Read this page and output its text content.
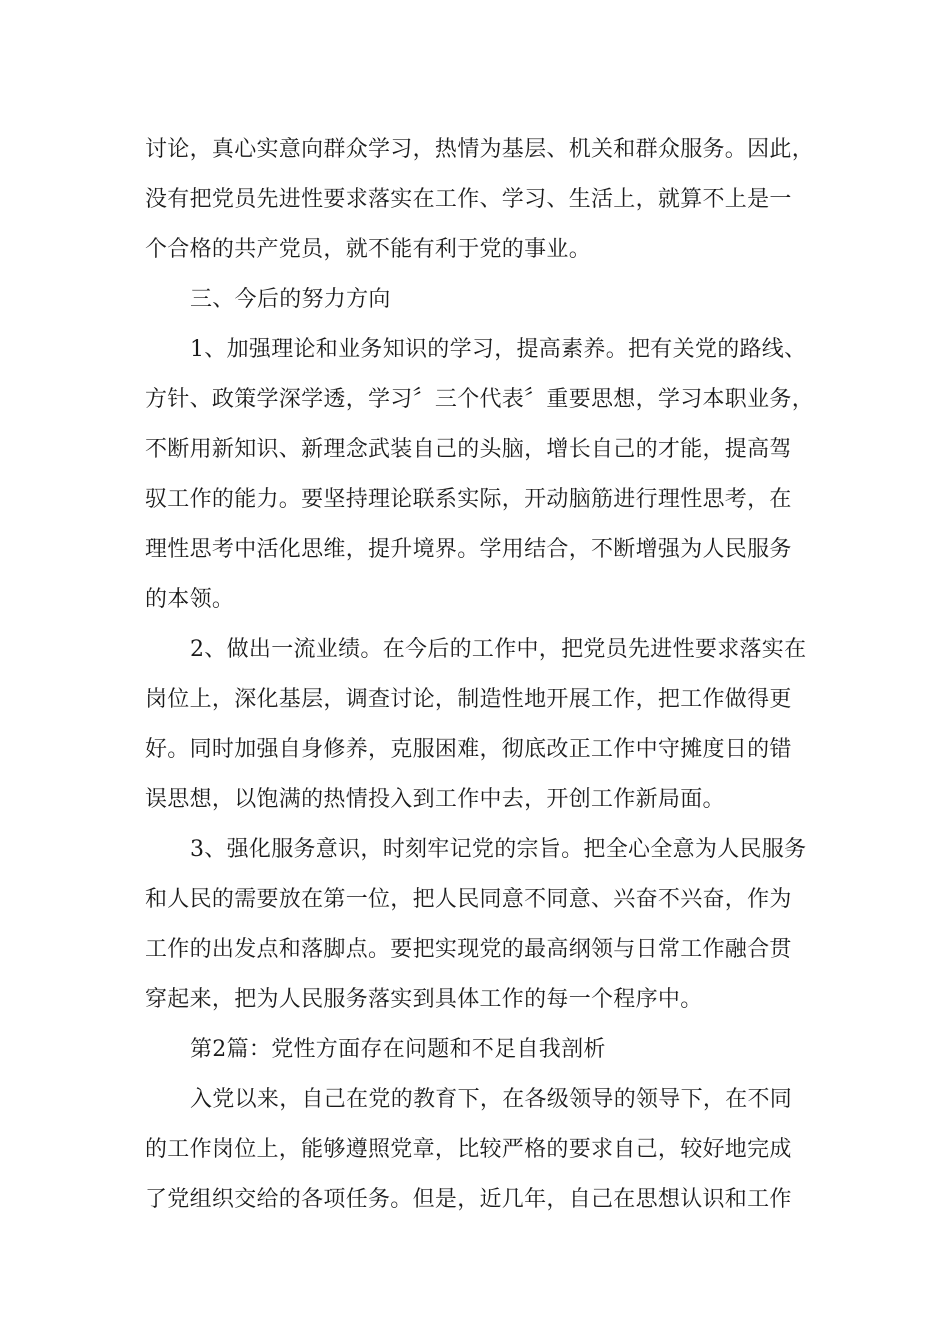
讨论，真心实意向群众学习，热情为基层、机关和群众服务。因此，
没有把党员先进性要求落实在工作、学习、生活上，就算不上是一
个合格的共产党员，就不能有利于党的事业。
三、今后的努力方向
1、加强理论和业务知识的学习，提高素养。把有关党的路线、
方针、政策学深学透，学习〞三个代表〞重要思想，学习本职业务，
不断用新知识、新理念武装自己的头脑，增长自己的才能，提高驾
驭工作的能力。要坚持理论联系实际，开动脑筋进行理性思考，在
理性思考中活化思维，提升境界。学用结合，不断增强为人民服务
的本领。
2、做出一流业绩。在今后的工作中，把党员先进性要求落实在
岗位上，深化基层，调查讨论，制造性地开展工作，把工作做得更
好。同时加强自身修养，克服困难，彻底改正工作中守摊度日的错
误思想，以饱满的热情投入到工作中去，开创工作新局面。
3、强化服务意识，时刻牢记党的宗旨。把全心全意为人民服务
和人民的需要放在第一位，把人民同意不同意、兴奋不兴奋，作为
工作的出发点和落脚点。要把实现党的最高纲领与日常工作融合贯
穿起来，把为人民服务落实到具体工作的每一个程序中。
第2篇：党性方面存在问题和不足自我剖析
入党以来，自己在党的教育下，在各级领导的领导下，在不同
的工作岗位上，能够遵照党章，比较严格的要求自己，较好地完成
了党组织交给的各项任务。但是，近几年，自己在思想认识和工作
